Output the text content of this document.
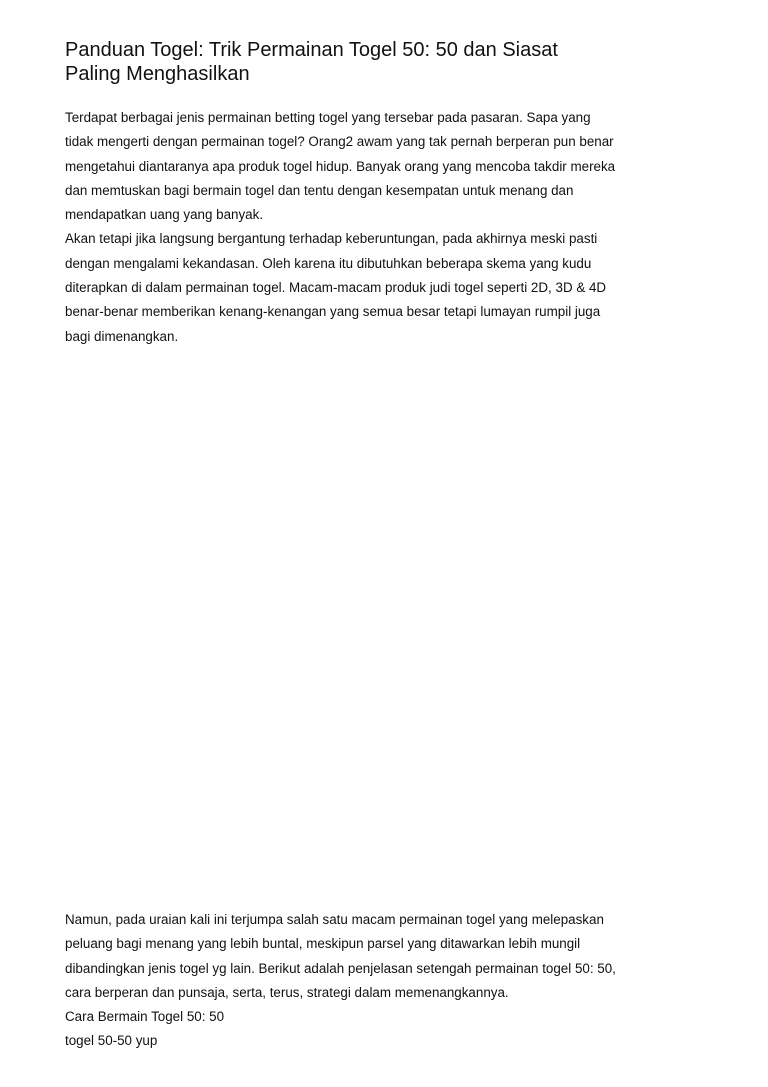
Panduan Togel: Trik Permainan Togel 50: 50 dan Siasat
Paling Menghasilkan
Terdapat berbagai jenis permainan betting togel yang tersebar pada pasaran. Sapa yang
tidak mengerti dengan permainan togel? Orang2 awam yang tak pernah berperan pun benar
mengetahui diantaranya apa produk togel hidup. Banyak orang yang mencoba takdir mereka
dan memtuskan bagi bermain togel dan tentu dengan kesempatan untuk menang dan
mendapatkan uang yang banyak.
Akan tetapi jika langsung bergantung terhadap keberuntungan, pada akhirnya meski pasti
dengan mengalami kekandasan. Oleh karena itu dibutuhkan beberapa skema yang kudu
diterapkan di dalam permainan togel. Macam-macam produk judi togel seperti 2D, 3D & 4D
benar-benar memberikan kenang-kenangan yang semua besar tetapi lumayan rumpil juga
bagi dimenangkan.
Namun, pada uraian kali ini terjumpa salah satu macam permainan togel yang melepaskan
peluang bagi menang yang lebih buntal, meskipun parsel yang ditawarkan lebih mungil
dibandingkan jenis togel yg lain. Berikut adalah penjelasan setengah permainan togel 50: 50,
cara berperan dan punsaja, serta, terus, strategi dalam memenangkannya.
Cara Bermain Togel 50: 50
togel 50-50 yup
